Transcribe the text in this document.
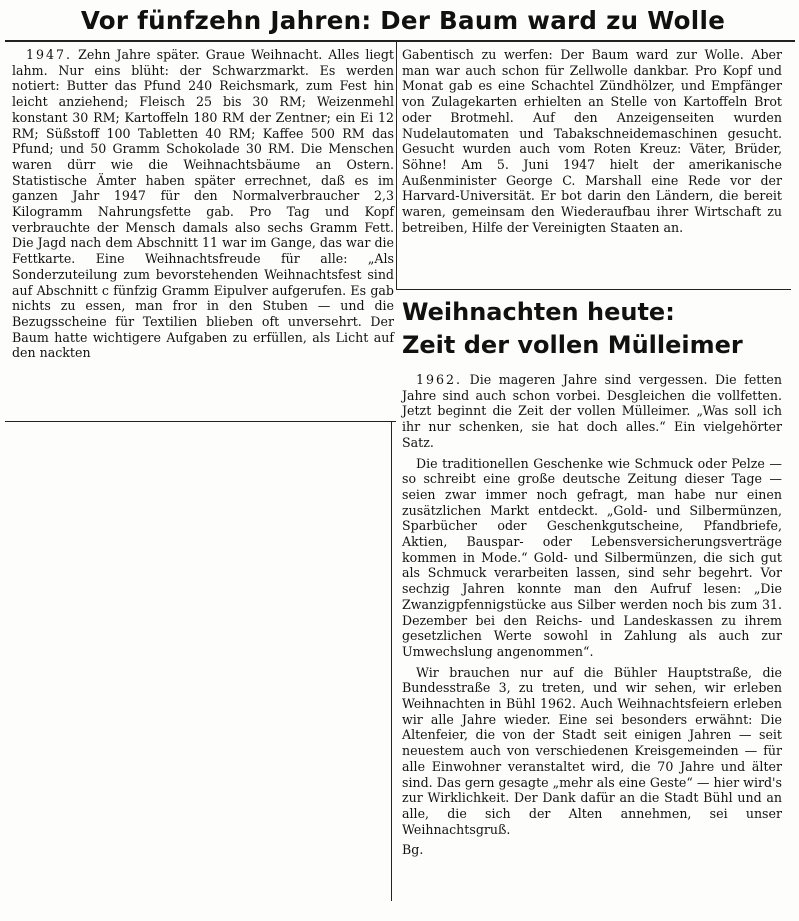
Vor fünfzehn Jahren: Der Baum ward zu Wolle

1947. Zehn Jahre später. Graue Weihnacht. Alles liegt lahm. Nur eins blüht: der Schwarzmarkt. Es werden notiert: Butter das Pfund 240 Reichsmark, zum Fest hin leicht anziehend; Fleisch 25 bis 30 RM; Weizenmehl konstant 30 RM; Kartoffeln 180 RM der Zentner; ein Ei 12 RM; Süßstoff 100 Tabletten 40 RM; Kaffee 500 RM das Pfund; und 50 Gramm Schokolade 30 RM. Die Menschen waren dürr wie die Weihnachtsbäume an Ostern. Statistische Ämter haben später errechnet, daß es im ganzen Jahr 1947 für den Normalverbraucher 2,3 Kilogramm Nahrungsfette gab. Pro Tag und Kopf verbrauchte der Mensch damals also sechs Gramm Fett. Die Jagd nach dem Abschnitt 11 war im Gange, das war die Fettkarte. Eine Weihnachtsfreude für alle: „Als Sonderzuteilung zum bevorstehenden Weihnachtsfest sind auf Abschnitt c fünfzig Gramm Eipulver aufgerufen. Es gab nichts zu essen, man fror in den Stuben — und die Bezugsscheine für Textilien blieben oft unversehrt. Der Baum hatte wichtigere Aufgaben zu erfüllen, als Licht auf den nackten

Gabentisch zu werfen: Der Baum ward zur Wolle. Aber man war auch schon für Zellwolle dankbar. Pro Kopf und Monat gab es eine Schachtel Zündhölzer, und Empfänger von Zulagekarten erhielten an Stelle von Kartoffeln Brot oder Brotmehl. Auf den Anzeigenseiten wurden Nudelautomaten und Tabakschneidemaschinen gesucht. Gesucht wurden auch vom Roten Kreuz: Väter, Brüder, Söhne! Am 5. Juni 1947 hielt der amerikanische Außenminister George C. Marshall eine Rede vor der Harvard-Universität. Er bot darin den Ländern, die bereit waren, gemeinsam den Wiederaufbau ihrer Wirtschaft zu betreiben, Hilfe der Vereinigten Staaten an.

Weihnachten heute:
Zeit der vollen Mülleimer

1962. Die mageren Jahre sind vergessen. Die fetten Jahre sind auch schon vorbei. Desgleichen die vollfetten. Jetzt beginnt die Zeit der vollen Mülleimer. „Was soll ich ihr nur schenken, sie hat doch alles.“ Ein vielgehörter Satz.

Die traditionellen Geschenke wie Schmuck oder Pelze — so schreibt eine große deutsche Zeitung dieser Tage — seien zwar immer noch gefragt, man habe nur einen zusätzlichen Markt entdeckt. „Gold- und Silbermünzen, Sparbücher oder Geschenkgutscheine, Pfandbriefe, Aktien, Bauspar- oder Lebensversicherungsverträge kommen in Mode.“ Gold- und Silbermünzen, die sich gut als Schmuck verarbeiten lassen, sind sehr begehrt. Vor sechzig Jahren konnte man den Aufruf lesen: „Die Zwanzigpfennigstücke aus Silber werden noch bis zum 31. Dezember bei den Reichs- und Landeskassen zu ihrem gesetzlichen Werte sowohl in Zahlung als auch zur Umwechslung angenommen“.

Wir brauchen nur auf die Bühler Hauptstraße, die Bundesstraße 3, zu treten, und wir sehen, wir erleben Weihnachten in Bühl 1962. Auch Weihnachtsfeiern erleben wir alle Jahre wieder. Eine sei besonders erwähnt: Die Altenfeier, die von der Stadt seit einigen Jahren — seit neuestem auch von verschiedenen Kreisgemeinden — für alle Einwohner veranstaltet wird, die 70 Jahre und älter sind. Das gern gesagte „mehr als eine Geste“ — hier wird's zur Wirklichkeit. Der Dank dafür an die Stadt Bühl und an alle, die sich der Alten annehmen, sei unser Weihnachtsgruß.

Bg.
